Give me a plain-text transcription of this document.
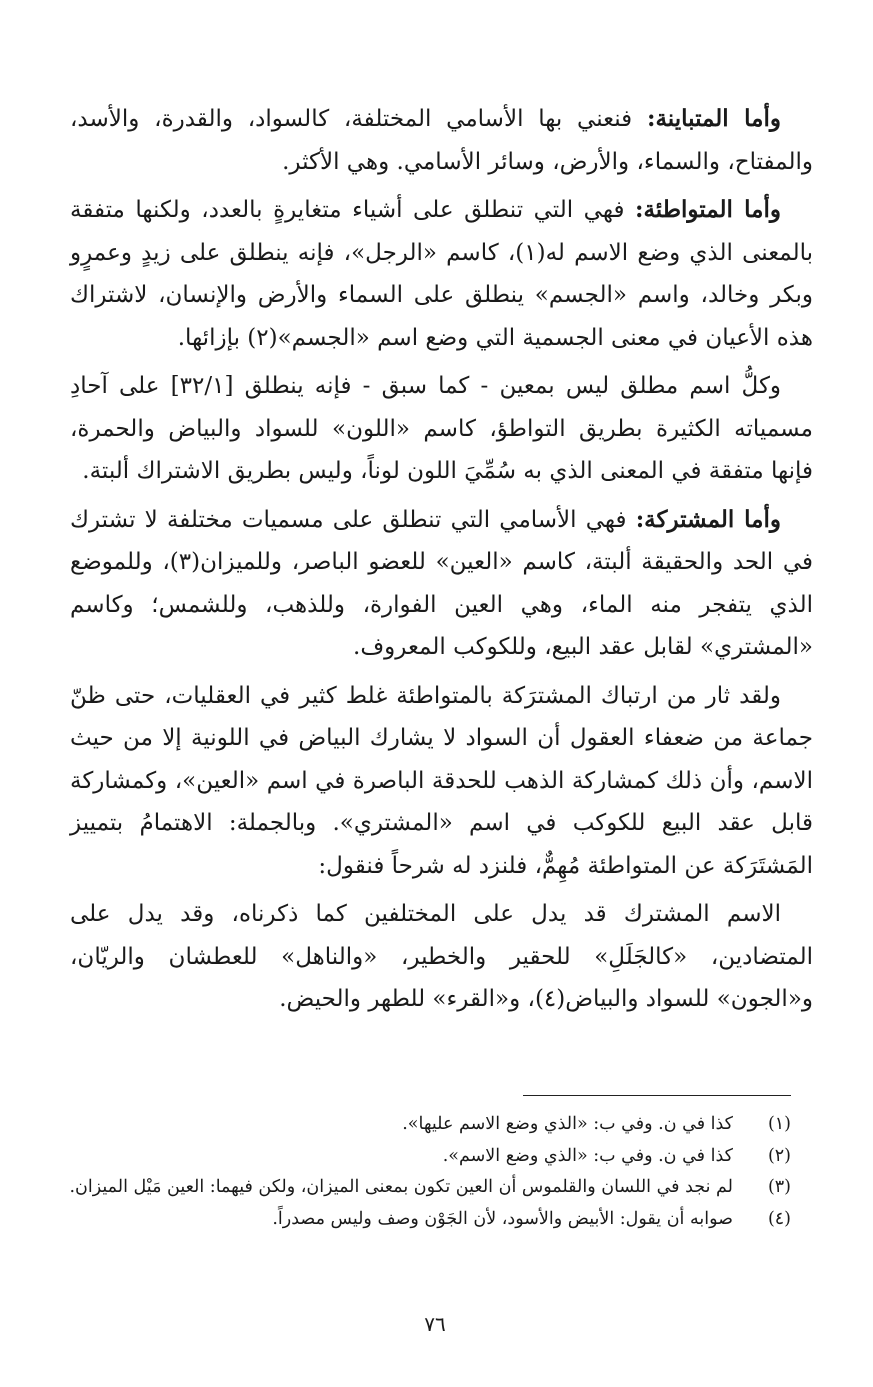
وأما المتباينة: فنعني بها الأسامي المختلفة، كالسواد، والقدرة، والأسد، والمفتاح، والسماء، والأرض، وسائر الأسامي. وهي الأكثر.

وأما المتواطئة: فهي التي تنطلق على أشياء متغايرةٍ بالعدد، ولكنها متفقة بالمعنى الذي وضع الاسم له(١)، كاسم «الرجل»، فإنه ينطلق على زيدٍ وعمرٍو وبكر وخالد، واسم «الجسم» ينطلق على السماء والأرض والإنسان، لاشتراك هذه الأعيان في معنى الجسمية التي وضع اسم «الجسم»(٢) بإزائها.

وكلُّ اسم مطلق ليس بمعين - كما سبق - فإنه ينطلق [٣٢/١] على آحادِ مسمياته الكثيرة بطريق التواطؤ، كاسم «اللون» للسواد والبياض والحمرة، فإنها متفقة في المعنى الذي به سُمِّيَ اللون لوناً، وليس بطريق الاشتراك ألبتة.

وأما المشتركة: فهي الأسامي التي تنطلق على مسميات مختلفة لا تشترك في الحد والحقيقة ألبتة، كاسم «العين» للعضو الباصر، وللميزان(٣)، وللموضع الذي يتفجر منه الماء، وهي العين الفوارة، وللذهب، وللشمس؛ وكاسم «المشتري» لقابل عقد البيع، وللكوكب المعروف.

ولقد ثار من ارتباك المشترَكة بالمتواطئة غلط كثير في العقليات، حتى ظنّ جماعة من ضعفاء العقول أن السواد لا يشارك البياض في اللونية إلا من حيث الاسم، وأن ذلك كمشاركة الذهب للحدقة الباصرة في اسم «العين»، وكمشاركة قابل عقد البيع للكوكب في اسم «المشتري». وبالجملة: الاهتمامُ بتمييز المَشتَرَكة عن المتواطئة مُهِمٌّ، فلنزد له شرحاً فنقول:

الاسم المشترك قد يدل على المختلفين كما ذكرناه، وقد يدل على المتضادين، «كالجَلَلِ» للحقير والخطير، «والناهل» للعطشان والريّان، و«الجون» للسواد والبياض(٤)، و«القرء» للطهر والحيض.

(١)
كذا في ن. وفي ب: «الذي وضع الاسم عليها».
(٢)
كذا في ن. وفي ب: «الذي وضع الاسم».
(٣)
لم نجد في اللسان والقلموس أن العين تكون بمعنى الميزان، ولكن فيهما: العين مَيْل الميزان.
(٤)
صوابه أن يقول: الأبيض والأسود، لأن الجَوْن وصف وليس مصدراً.
٧٦
